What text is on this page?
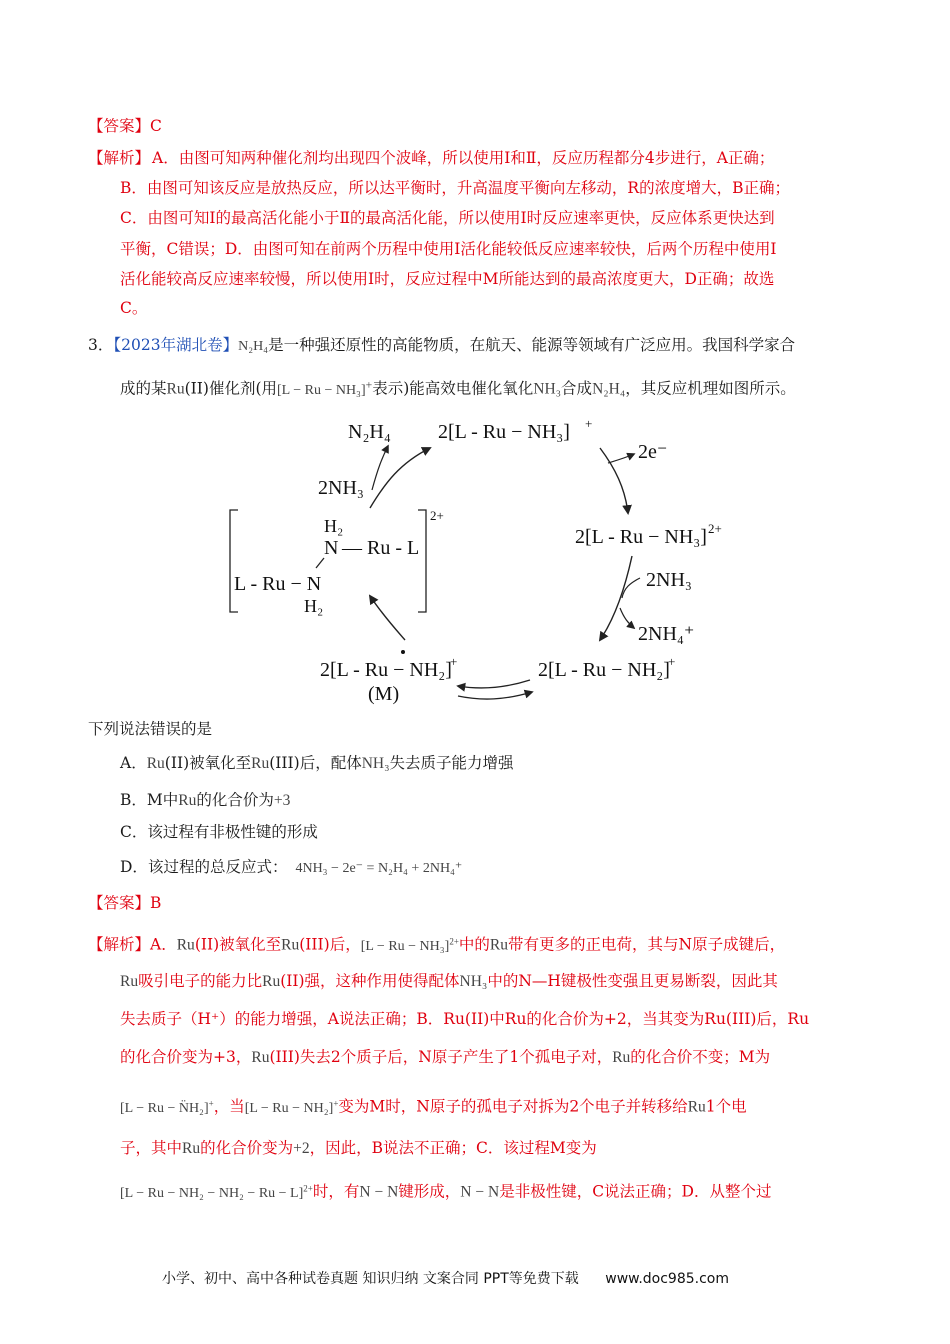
【答案】C
【解析】 A．由图可知两种催化剂均出现四个波峰，所以使用Ⅰ和Ⅱ，反应历程都分4步进行，A正确；
B．由图可知该反应是放热反应，所以达平衡时，升高温度平衡向左移动，R的浓度增大，B正确；
C．由图可知Ⅰ的最高活化能小于Ⅱ的最高活化能，所以使用Ⅰ时反应速率更快，反应体系更快达到
平衡，C错误；D．由图可知在前两个历程中使用Ⅰ活化能较低反应速率较快，后两个历程中使用Ⅰ
活化能较高反应速率较慢，所以使用Ⅰ时，反应过程中M所能达到的最高浓度更大，D正确；故选
C。
3．【2023年湖北卷】N₂H₄是一种强还原性的高能物质，在航天、能源等领域有广泛应用。我国科学家合
成的某Ru(II)催化剂(用[L − Ru − NH₃]+表示)能高效电催化氧化NH₃合成N₂H₄，其反应机理如图所示。
2[L - Ru − NH₃] +
N₂H₄
2NH₃
2e⁻
2[L - Ru − NH₃] 2+
2NH₃
2NH₄⁺
2[L - Ru − NH₂]
+
2[L - Ru − NH₂]
+
(M)
2+
H₂
N — Ru - L
L - Ru − N
H₂
下列说法错误的是
A．Ru(II)被氧化至Ru(III)后，配体NH₃失去质子能力增强
B．M中Ru的化合价为+3
C．该过程有非极性键的形成
D．该过程的总反应式： 4NH₃ − 2e⁻ = N₂H₄ + 2NH₄⁺
【答案】B
【解析】A．Ru(II)被氧化至Ru(III)后，$[L - Ru - NH_3]^{2+}$中的Ru带有更多的正电荷，其与N原子成键后，
Ru吸引电子的能力比Ru(II)强，这种作用使得配体NH₃中的N—H键极性变强且更易断裂，因此其
失去质子（H⁺）的能力增强，A说法正确；B．Ru(II)中Ru的化合价为+2，当其变为Ru(III)后，Ru
的化合价变为+3，Ru(III)失去2个质子后，N原子产生了1个孤电子对，Ru的化合价不变；M为
[L − Ru − N̈H₂]+，当[L − Ru − NH₂]+变为M时，N原子的孤电子对拆为2个电子并转移给Ru1个电
子，其中Ru的化合价变为+2，因此，B说法不正确；C．该过程M变为
$[L - Ru - NH_2 - NH_2 - Ru - L]^{2+}$时，有N − N键形成，N − N是非极性键，C说法正确；D．从整个过
小学、初中、高中各种试卷真题 知识归纳 文案合同 PPT等免费下载 www.doc985.com
